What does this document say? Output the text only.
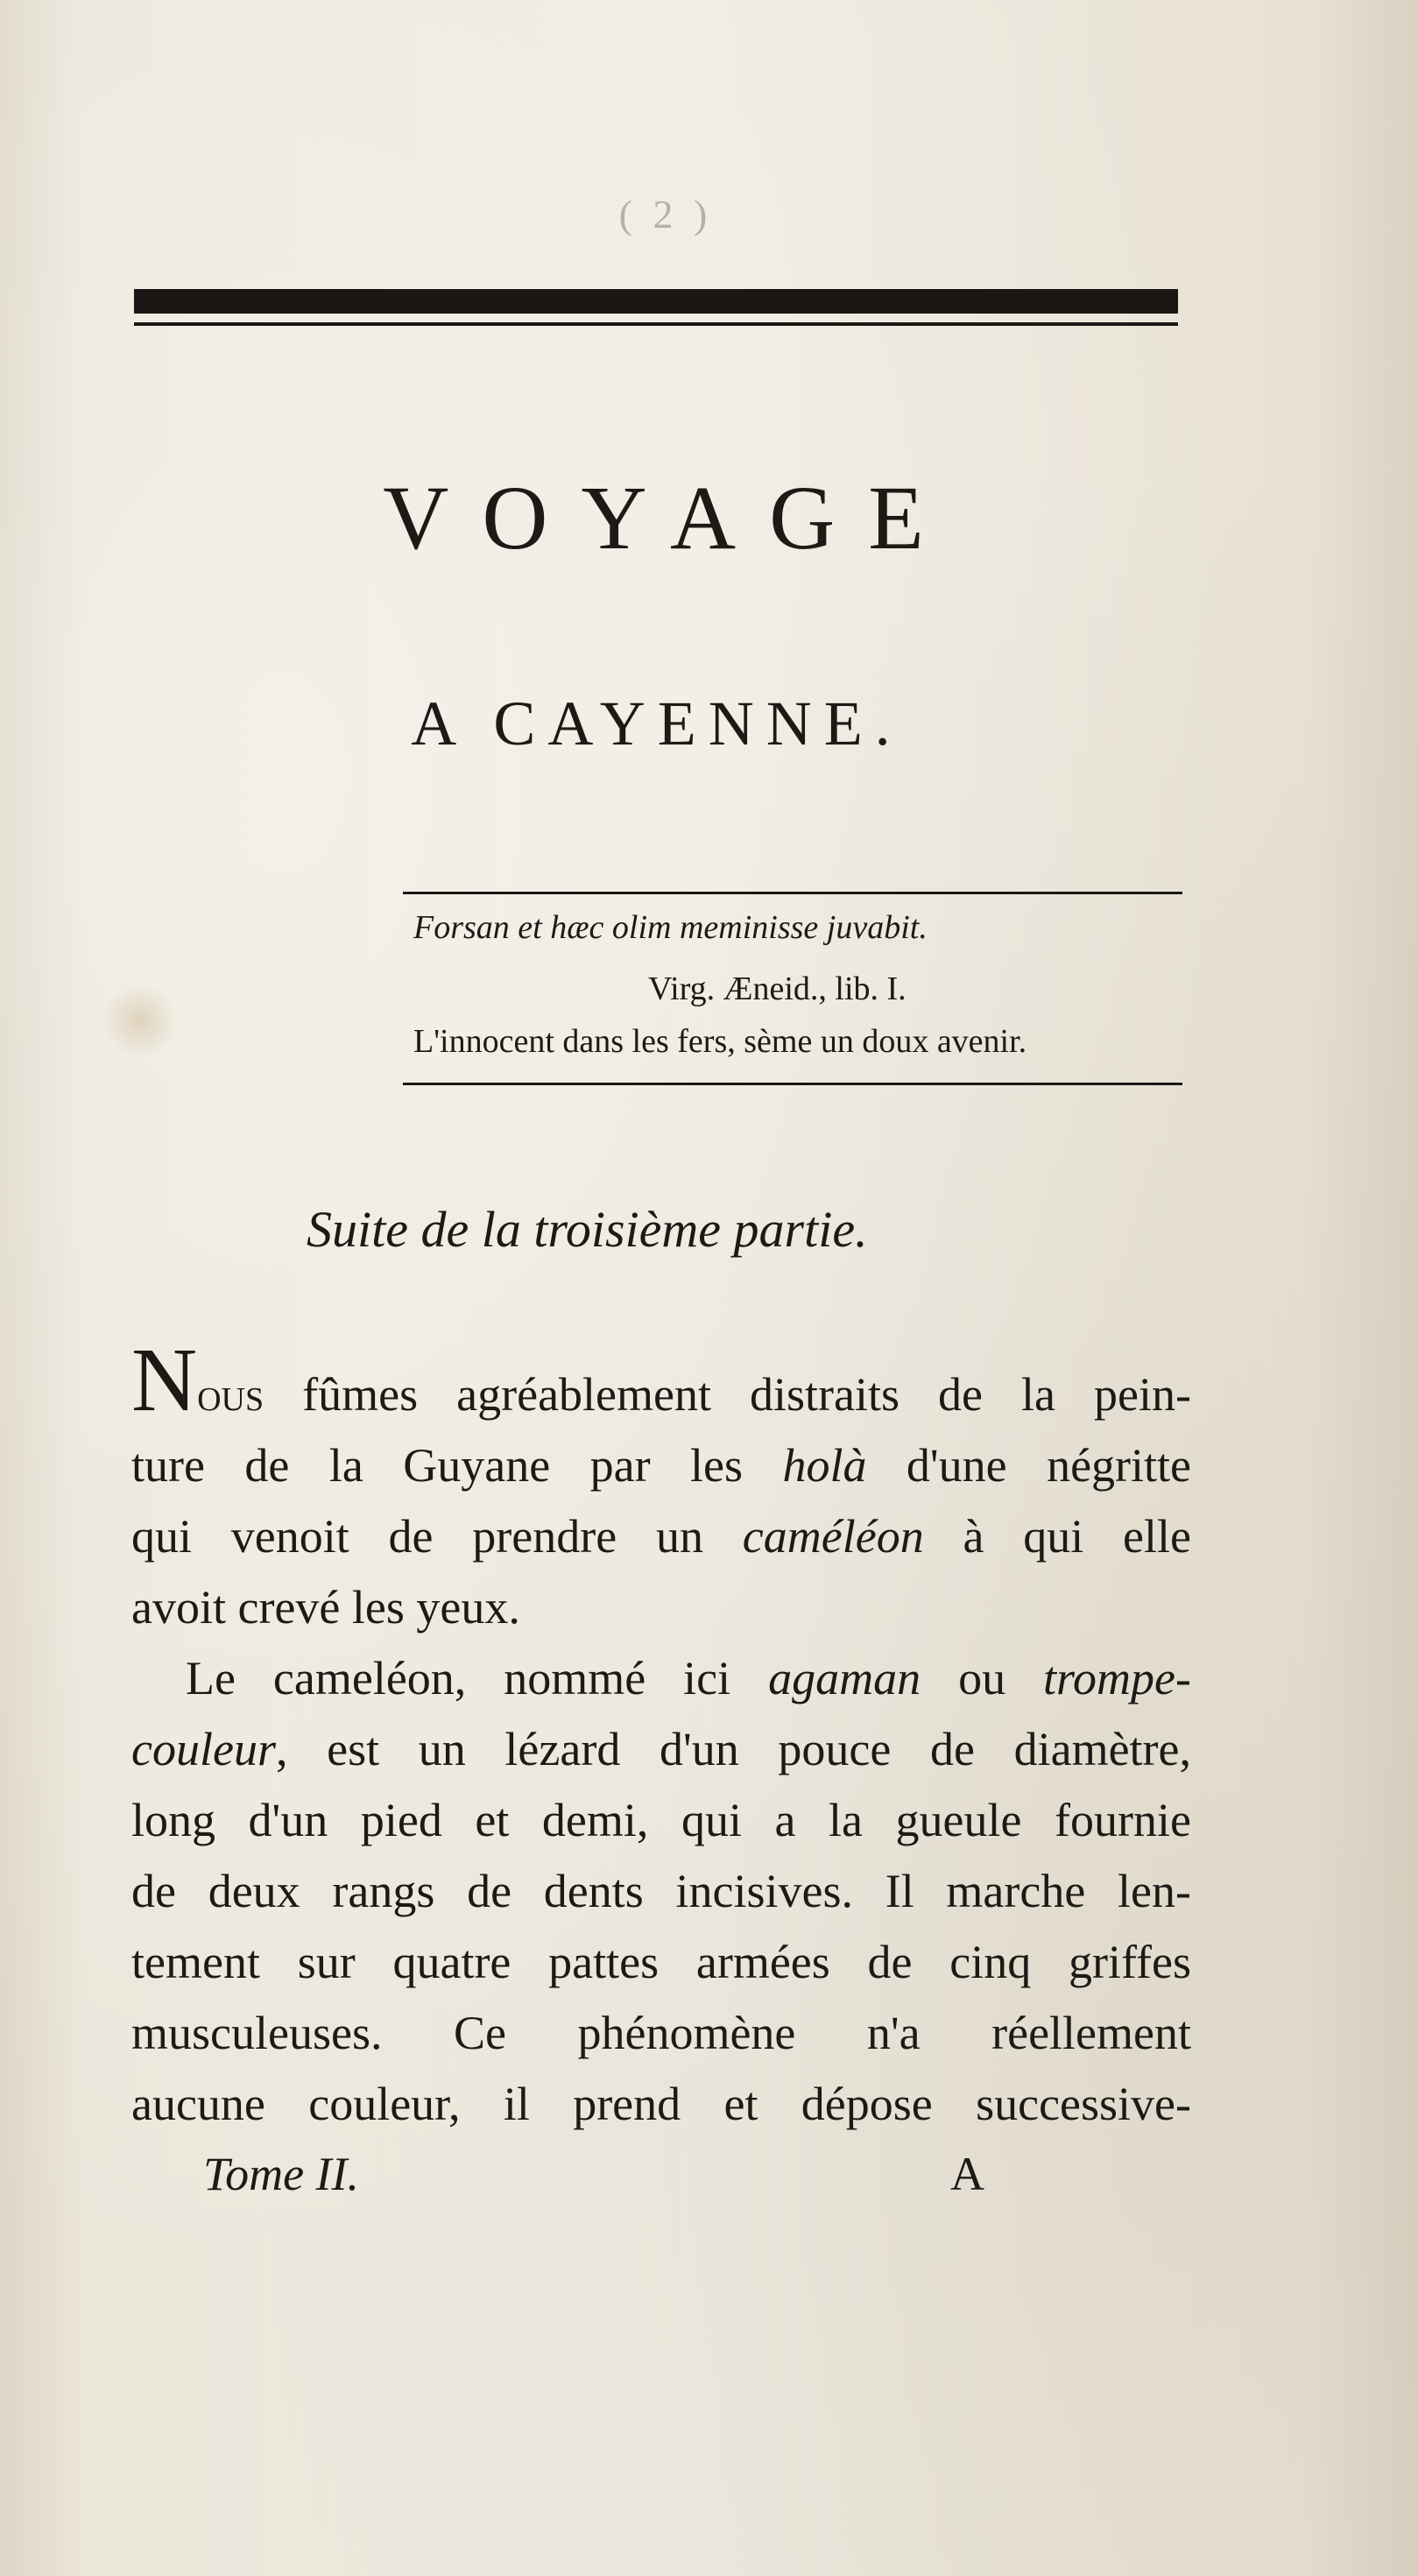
( 2 )
VOYAGE
A CAYENNE.
Forsan et hæc olim meminisse juvabit.
Virg. Æneid., lib. I.
L'innocent dans les fers, sème un doux avenir.
Suite de la troisième partie.
Nous fûmes agréablement distraits de la pein-
ture de la Guyane par les holà d'une négritte
qui venoit de prendre un caméléon à qui elle
avoit crevé les yeux.
Le cameléon, nommé ici agaman ou trompe-
couleur, est un lézard d'un pouce de diamètre,
long d'un pied et demi, qui a la gueule fournie
de deux rangs de dents incisives. Il marche len-
tement sur quatre pattes armées de cinq griffes
musculeuses. Ce phénomène n'a réellement
aucune couleur, il prend et dépose successive-
Tome II.	A
